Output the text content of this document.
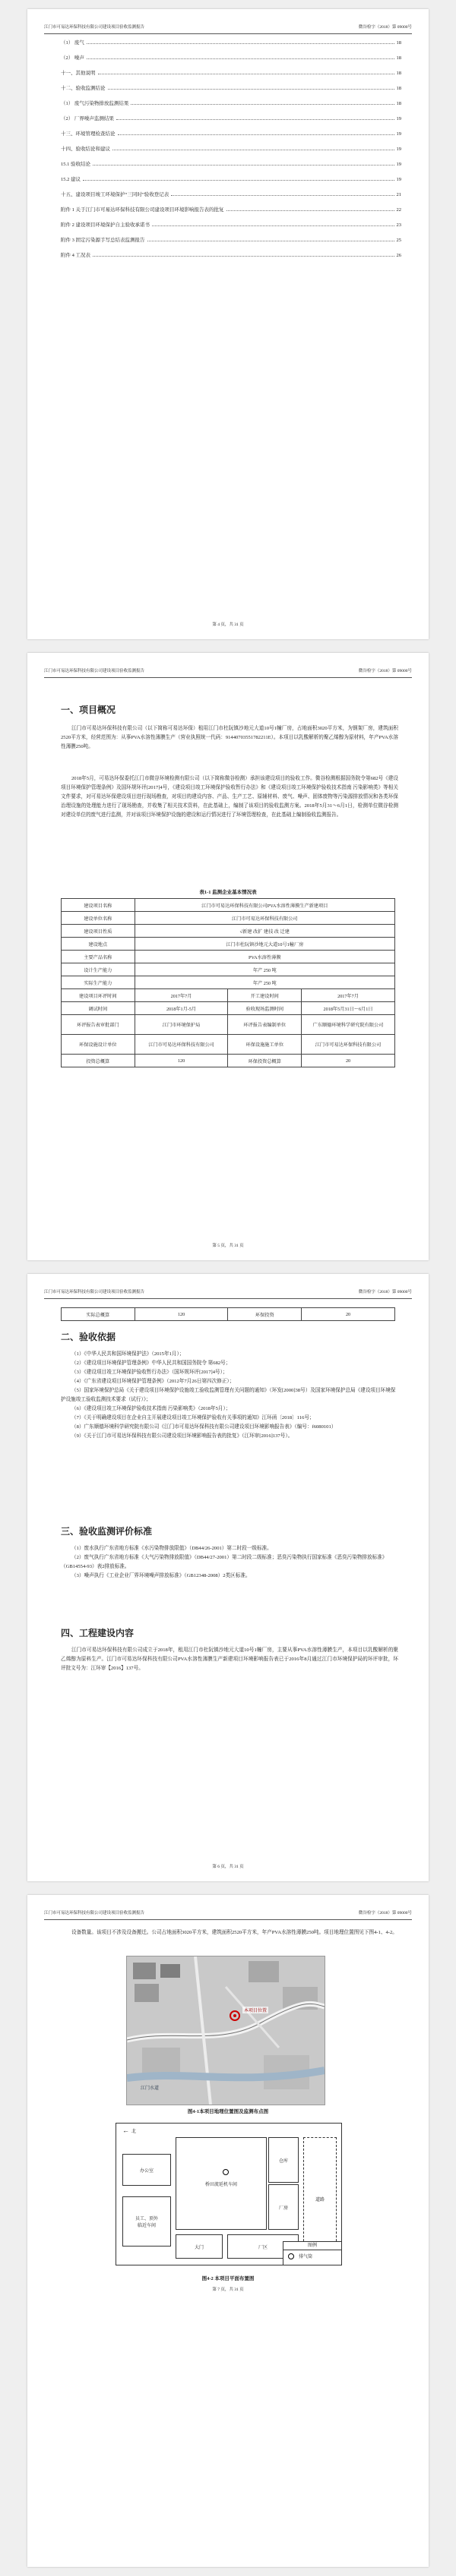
江门市可易达环保科技有限公司建设项目验收监测报告	微谷检字（2018）第 09000号
（1） 废气	18
（2） 噪声	18
十一、其他说明	18
十二、验收监测结论	18
（1） 废气污染物排放监测结果	18
（2） 厂界噪声监测结果	19
十三、环境管理检查结论	19
十四、验收结论和建议	19
15.1 验收结论	19
15.2 建议	19
十五、建设项目竣工环境保护“三同时”验收登记表	21
附件 1 关于江门市可易达环保科技有限公司建设项目环境影响报告表的批复	22
附件 2 建设项目环境保护自主验收承诺书	23
附件 3 固定污染源手写总结表监测报告	25
附件 4 工况表	26
第 4 页，共 31 页
江门市可易达环保科技有限公司建设项目验收监测报告	微谷检字（2018）第 09000号
一、项目概况

江门市可易达环保科技有限公司（以下简称可易达环保）租用江门市杜阮镇沙地元大道10号1幢厂房，占地面积3020平方米，为钢架厂房，建筑面积2520平方米，经营范围为：从事PVA水溶性薄膜生产（营业执照统一代码：91440703551782211E）。本项目以乳酸解析的聚乙烯醇为原材料，年产PVA水溶性薄膜250吨。

2018年5月，可易达环保委托江门市微谷环境检测有限公司（以下简称微谷检测）承担该建设项目的验收工作。微谷检测根据国务院令第682号《建设项目环境保护管理条例》及国环规环评[2017]4号，《建设项目竣工环境保护验收暂行办法》和《建设项目竣工环境保护验收技术指南 污染影响类》等相关文件要求，对可易达环保建设项目进行现场勘查，对项目的建设内容、产品、生产工艺、原辅材料、废气、噪声、固体废物等污染源排放情况和各类环保治理设施的处理能力进行了现场勘查，并收集了相关技术资料，在此基础上，编制了该项目的验收监测方案。2018年5月31～6月1日，检测单位微谷检测对建设单位的废气进行监测，并对该项目环境保护设施的建设和运行情况进行了环境管理检查，在此基础上编制验收监测报告。

表1-1 监测企业基本情况表
建设项目名称	江门市可易达环保科技有限公司PVA水溶性薄膜生产新建项目		
建设单位名称	江门市可易达环保科技有限公司		
建设项目性质	√新建 改扩 建技 改 迁建		
建设地点	江门市杜阮镇沙地元大道10号1幢厂房		
主要产品名称	PVA水溶性薄膜		
设计生产能力	年产 250 吨		
实际生产能力	年产 250 吨		
建设项目环评时间	2017年7月	开工建设时间	2017年7月
调试时间	2018年1月-5月	验收现场监测时间	2018年5月31日～6月1日
环评报告表审批部门	江门市环境保护局	环评报告表编制单位	广东顺德环境科学研究院有限公司
环保设施设计单位	江门市可易达环保科技有限公司	环保设施施工单位	江门市可易达环保科技有限公司
投资总概算	120	环保投资总概算	20
第 5 页，共 31 页
江门市可易达环保科技有限公司建设项目验收监测报告	微谷检字（2018）第 09000号
实际总概算	120	环保投资	20
二、验收依据

（1）《中华人民共和国环境保护法》（2015年1月）；

（2）《建设项目环境保护管理条例》中华人民共和国国务院令 第682号；

（3）《建设项目竣工环境保护验收暂行办法》（国环规环评[2017]4号）；

（4）《广东省建设项目环境保护管理条例》（2012年7月26日第四次修正）；

（5）国家环境保护总局《关于建设项目环境保护设施竣工验收监测管理有关问题的通知》（环发[2000]38号）及国家环境保护总局《建设项目环境保护设施竣工验收监测技术要求（试行）》；

（6）《建设项目竣工环境保护验收技术指南 污染影响类》（2018年5月）；

（7）《关于明确建设项目在企业自主开展建设项目竣工环境保护验收有关事项的通知》江环函〔2018〕116号；

（8）广东顺德环境科学研究院有限公司《江门市可易达环保科技有限公司建设项目环境影响报告表》（编号：f6080101）

（9）《关于江门市可易达环保科技有限公司建设项目环境影响报告表的批复》（江环审[2016]137号）。

三、验收监测评价标准

（1）废水执行广东省地方标准《水污染物排放限值》（DB44/26-2001）第二时段一级标准。

（2）废气执行广东省地方标准《大气污染物排放限值》（DB44/27-2001）第二时段二级标准；恶臭污染物执行国家标准《恶臭污染物排放标准》（GB14554-93）表2排放标准。

（3）噪声执行《工业企业厂界环境噪声排放标准》（GB12348-2008）2类区标准。

四、工程建设内容

江门市可易达环保科技有限公司成立于2018年，租用江门市杜阮镇沙地元大道10号1幢厂房，主要从事PVA水溶性薄膜生产，本项目以乳酸解析的聚乙烯醇为原料生产。江门市可易达环保科技有限公司PVA水溶性薄膜生产新建项目环境影响报告表已于2016年8月通过江门市环境保护局的环评审批，环评批文号为：江环审【2016】137号。

第 6 页，共 31 页
江门市可易达环保科技有限公司建设项目验收监测报告	微谷检字（2018）第 09000号

设备数量。该项目不涉及设备搬迁。公司占地面积3020平方米，建筑面积2520平方米，年产PVA水溶性薄膜250吨。项目地理位置图见下图4-1、4-2。

本项目位置
江门水道
图4-1本项目地理位置图及监测布点图
← 北
办公室
桥田流延机车间
仓库
厂房
道路
员工、顶外
临近车间
大门	厂区	图例
排气筒
图4-2 本项目平面布置图
第 7 页，共 31 页
